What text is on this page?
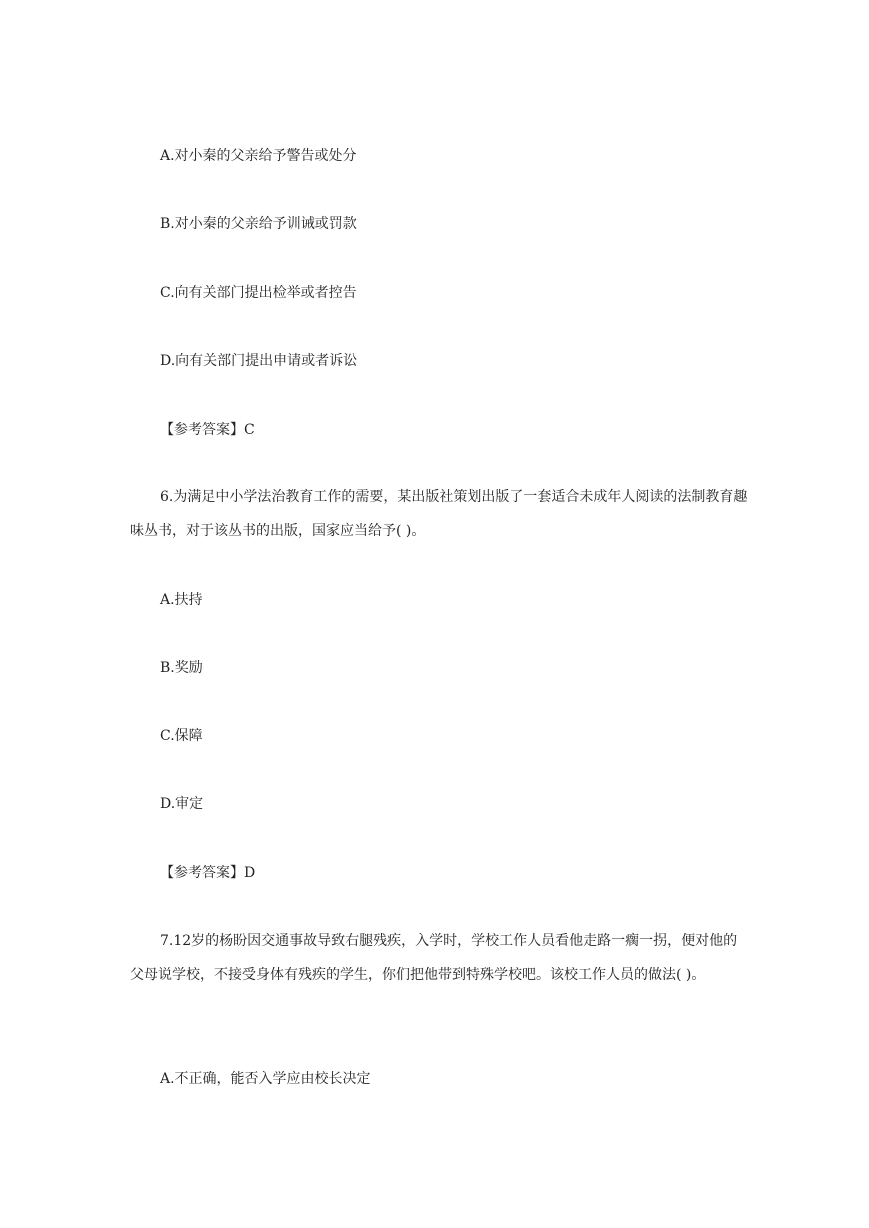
A.对小秦的父亲给予警告或处分

B.对小秦的父亲给予训诫或罚款

C.向有关部门提出检举或者控告

D.向有关部门提出申请或者诉讼

【参考答案】C

6.为满足中小学法治教育工作的需要，某出版社策划出版了一套适合未成年人阅读的法制教育趣味丛书，对于该丛书的出版，国家应当给予( )。

A.扶持

B.奖励

C.保障

D.审定

【参考答案】D

7.12岁的杨盼因交通事故导致右腿残疾，入学时，学校工作人员看他走路一瘸一拐，便对他的父母说学校，不接受身体有残疾的学生，你们把他带到特殊学校吧。该校工作人员的做法( )。

A.不正确，能否入学应由校长决定
